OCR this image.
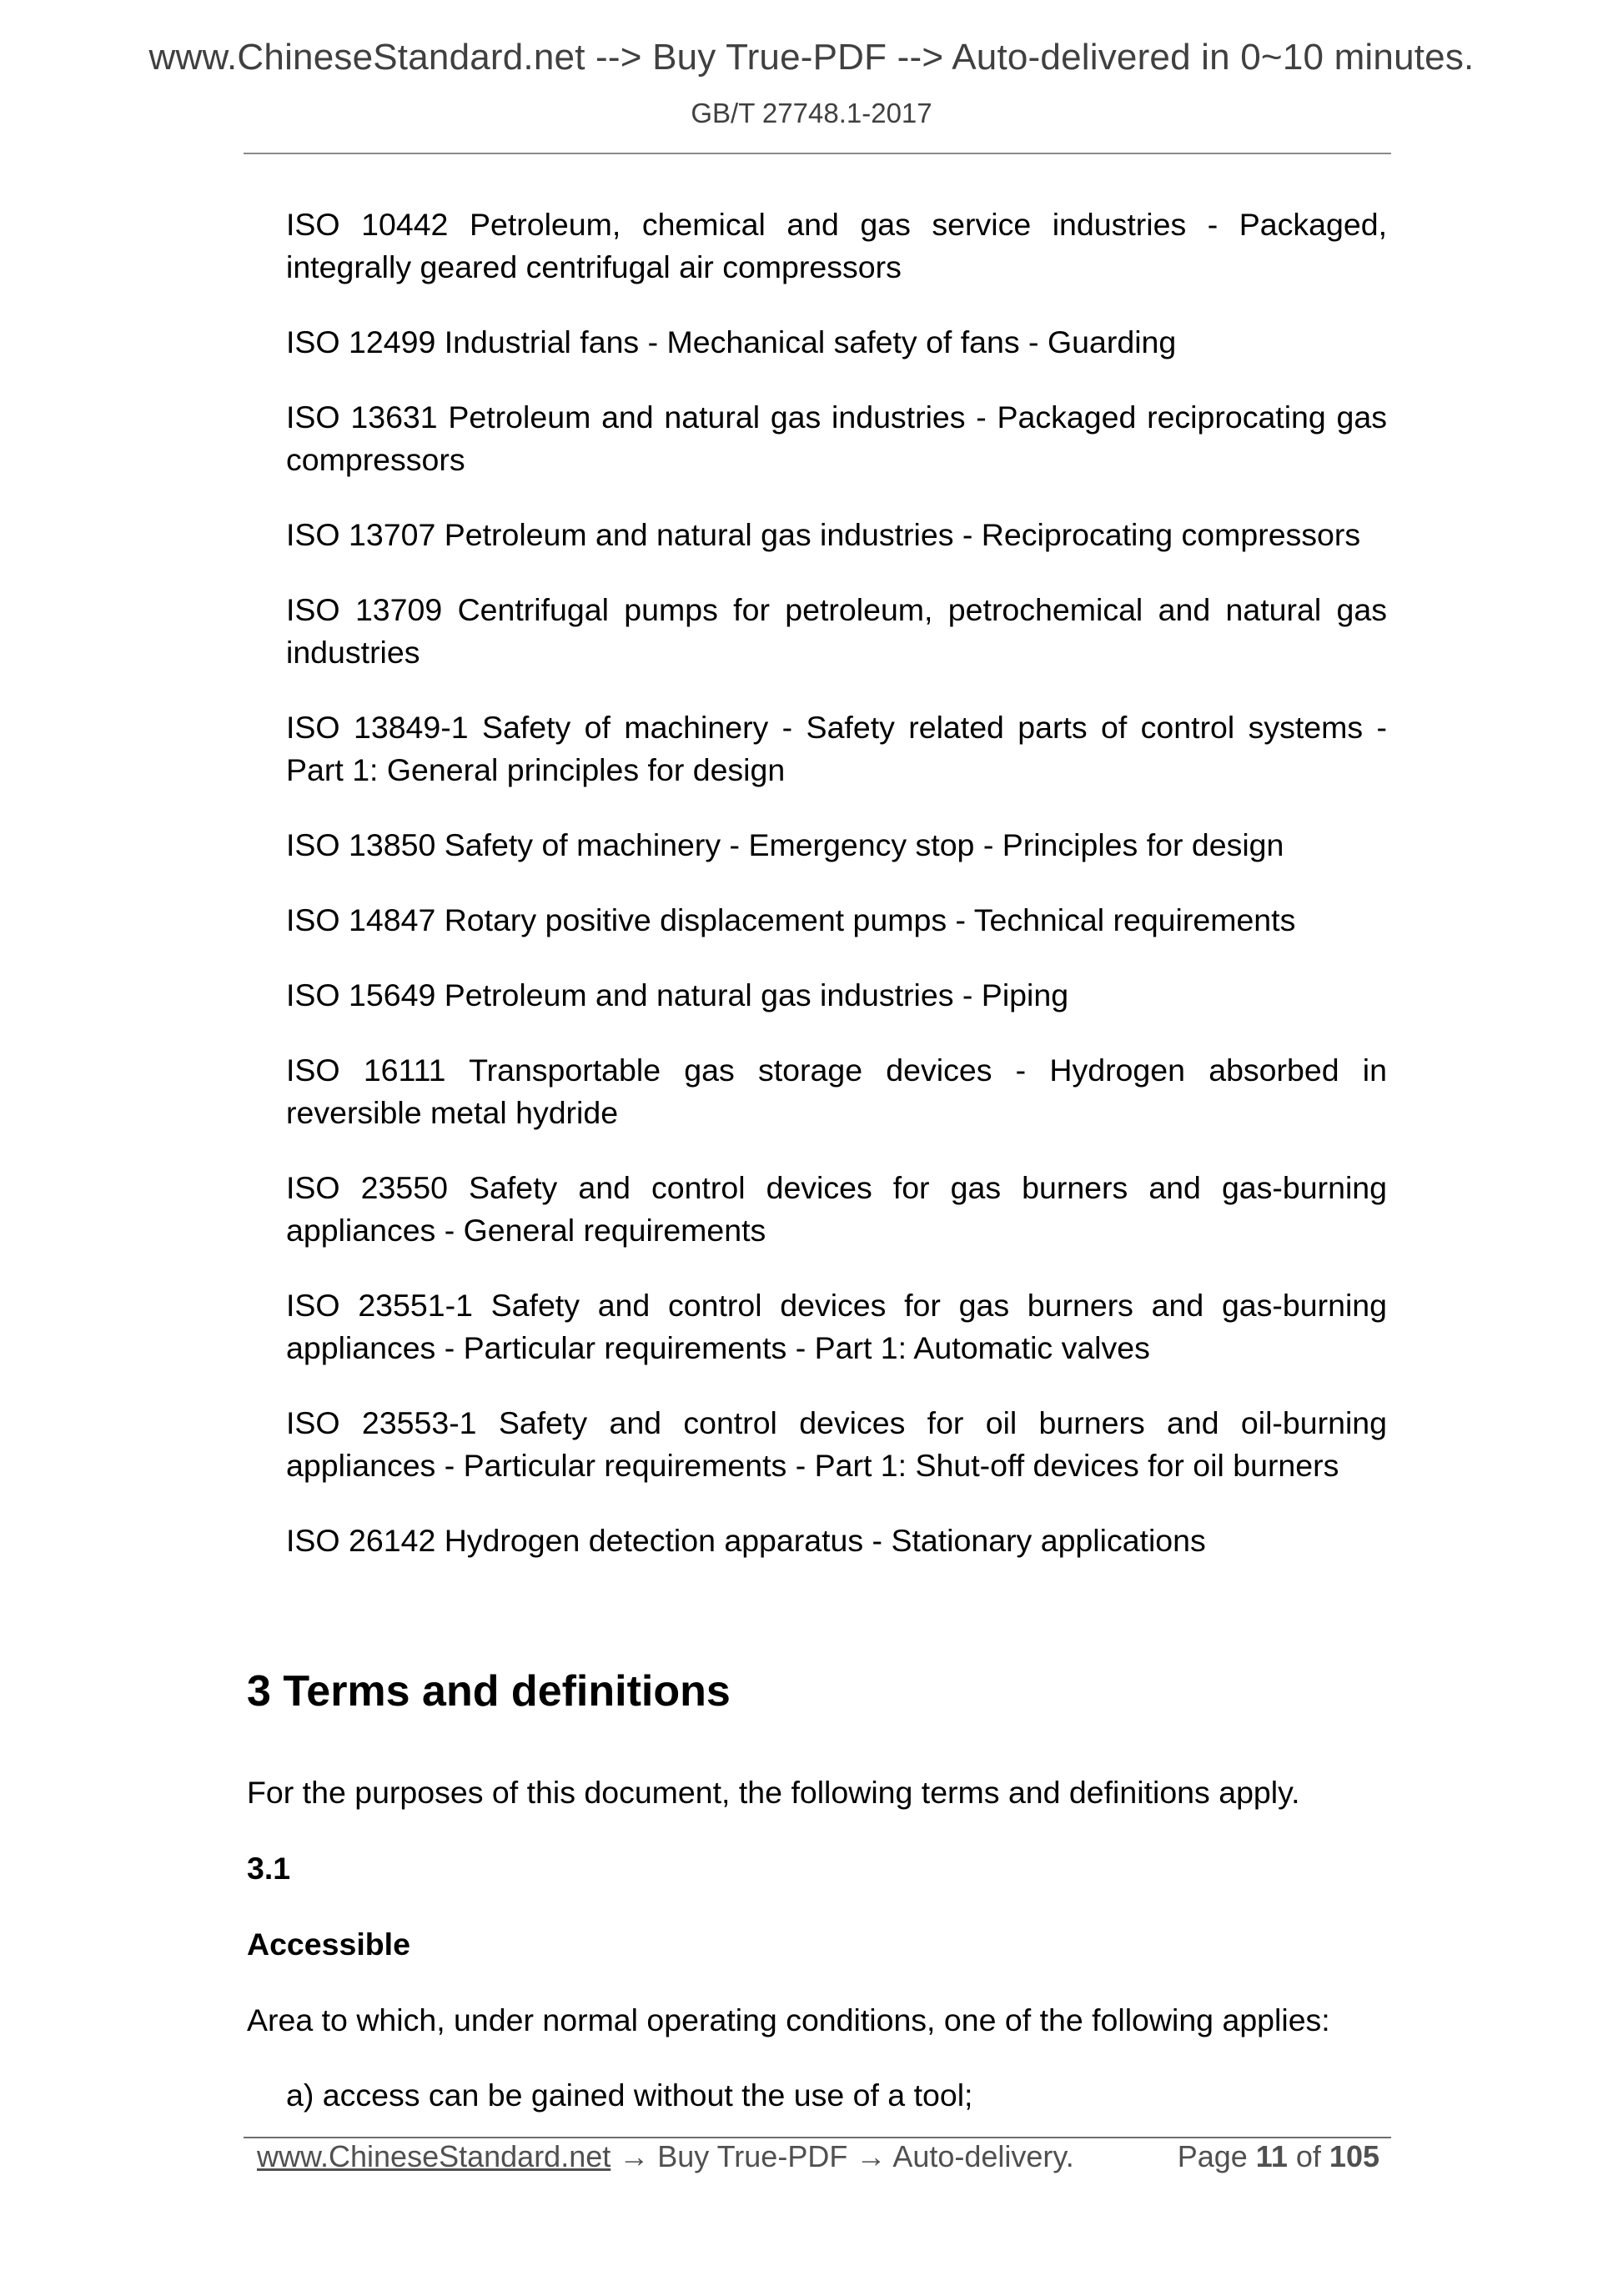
www.ChineseStandard.net --> Buy True-PDF --> Auto-delivered in 0~10 minutes.
GB/T 27748.1-2017

ISO 10442 Petroleum, chemical and gas service industries - Packaged, integrally geared centrifugal air compressors

ISO 12499 Industrial fans - Mechanical safety of fans - Guarding

ISO 13631 Petroleum and natural gas industries - Packaged reciprocating gas compressors

ISO 13707 Petroleum and natural gas industries - Reciprocating compressors

ISO 13709 Centrifugal pumps for petroleum, petrochemical and natural gas industries

ISO 13849-1 Safety of machinery - Safety related parts of control systems - Part 1: General principles for design

ISO 13850 Safety of machinery - Emergency stop - Principles for design

ISO 14847 Rotary positive displacement pumps - Technical requirements

ISO 15649 Petroleum and natural gas industries - Piping

ISO 16111 Transportable gas storage devices - Hydrogen absorbed in reversible metal hydride

ISO 23550 Safety and control devices for gas burners and gas-burning appliances - General requirements

ISO 23551-1 Safety and control devices for gas burners and gas-burning appliances - Particular requirements - Part 1: Automatic valves

ISO 23553-1 Safety and control devices for oil burners and oil-burning appliances - Particular requirements - Part 1: Shut-off devices for oil burners

ISO 26142 Hydrogen detection apparatus - Stationary applications

3 Terms and definitions
For the purposes of this document, the following terms and definitions apply.
3.1
Accessible
Area to which, under normal operating conditions, one of the following applies:
a) access can be gained without the use of a tool;
www.ChineseStandard.net → Buy True-PDF → Auto-delivery.	Page 11 of 105
